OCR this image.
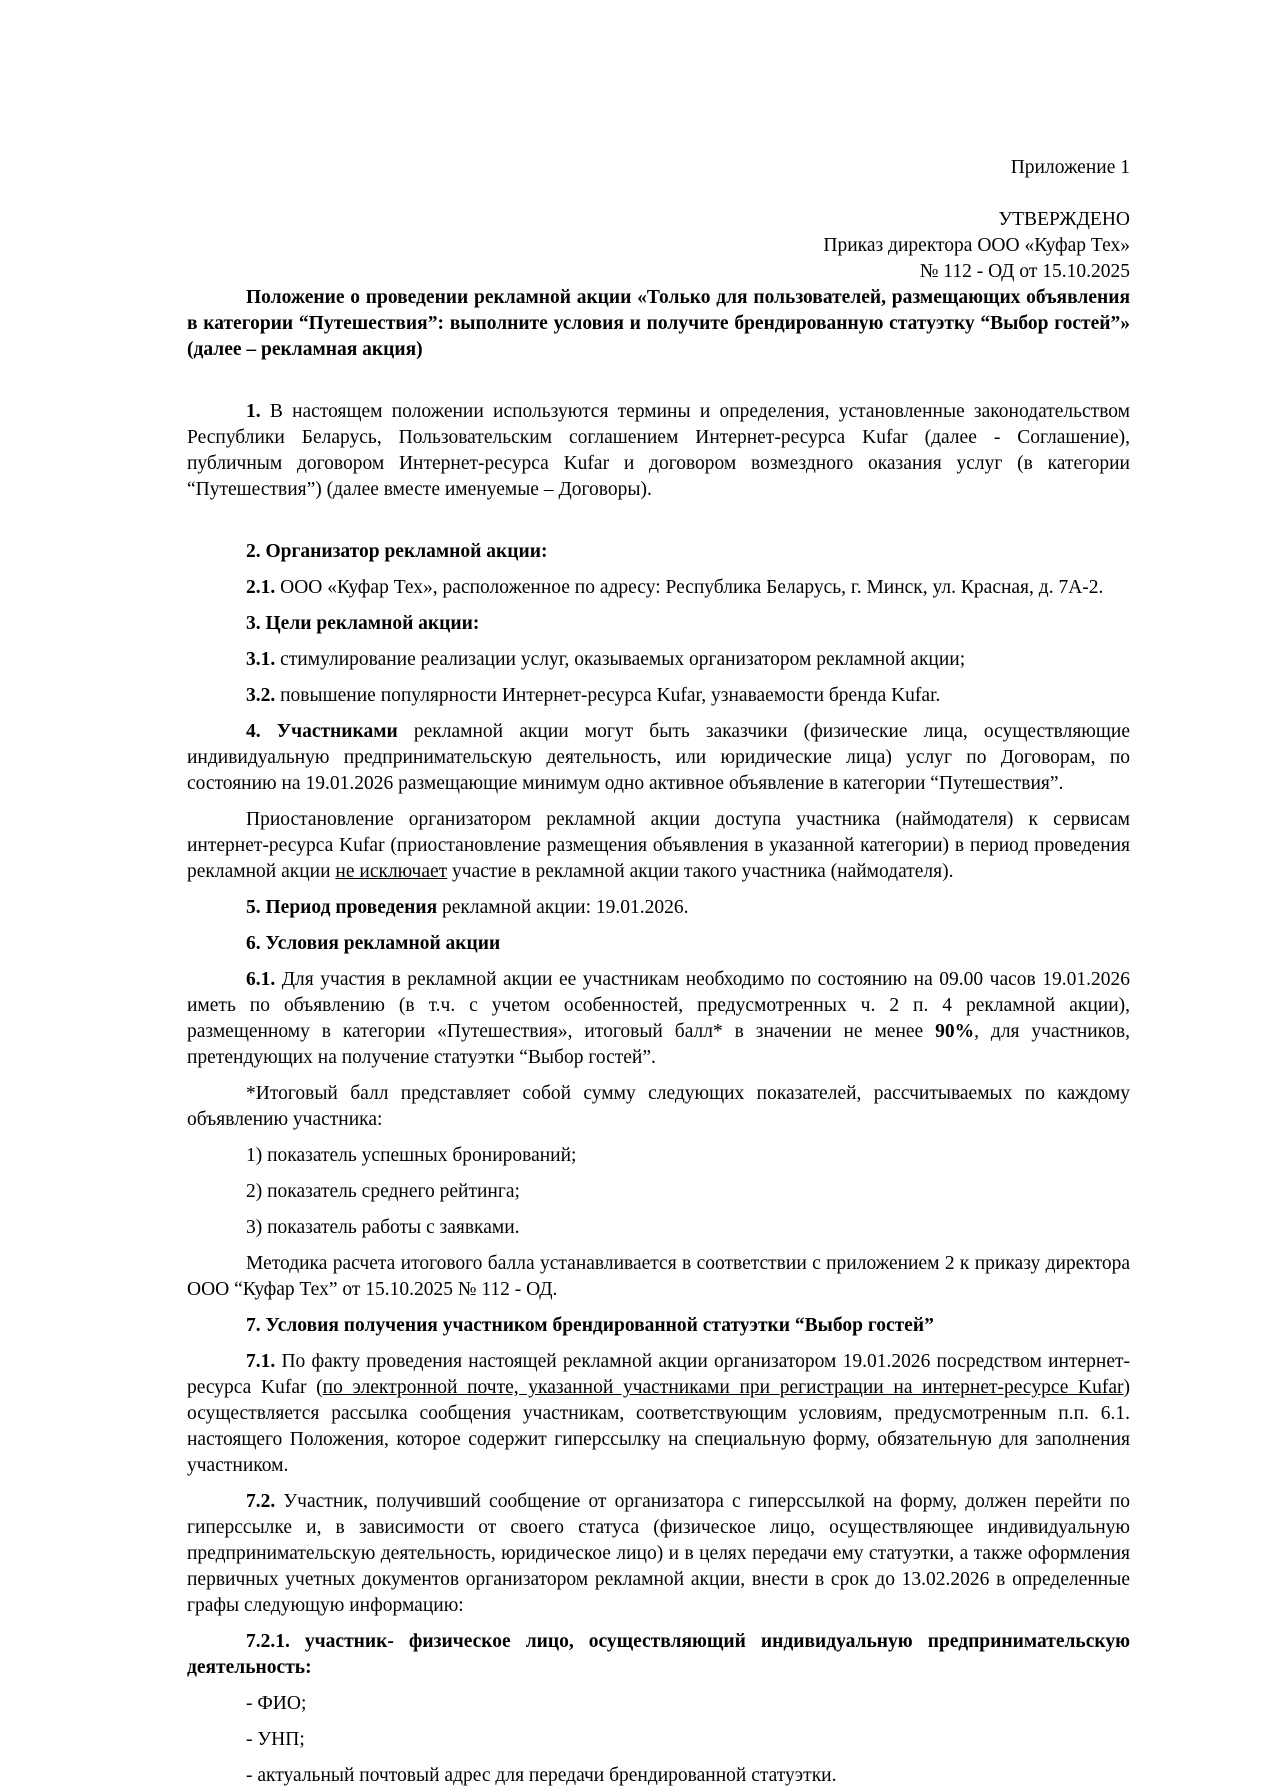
Приложение 1
УТВЕРЖДЕНО
Приказ директора ООО «Куфар Тех»
№ 112 - ОД от 15.10.2025

Положение о проведении рекламной акции «Только для пользователей, размещающих объявления в категории “Путешествия”: выполните условия и получите брендированную статуэтку “Выбор гостей”» (далее – рекламная акция)

1. В настоящем положении используются термины и определения, установленные законодательством Республики Беларусь, Пользовательским соглашением Интернет-ресурса Kufar (далее - Соглашение), публичным договором Интернет-ресурса Kufar и договором возмездного оказания услуг (в категории “Путешествия”) (далее вместе именуемые – Договоры).

2. Организатор рекламной акции:

2.1. ООО «Куфар Тех», расположенное по адресу: Республика Беларусь, г. Минск, ул. Красная, д. 7А-2.

3. Цели рекламной акции:

3.1. стимулирование реализации услуг, оказываемых организатором рекламной акции;

3.2. повышение популярности Интернет-ресурса Kufar, узнаваемости бренда Kufar.

4. Участниками рекламной акции могут быть заказчики (физические лица, осуществляющие индивидуальную предпринимательскую деятельность, или юридические лица) услуг по Договорам, по состоянию на 19.01.2026 размещающие минимум одно активное объявление в категории “Путешествия”.

Приостановление организатором рекламной акции доступа участника (наймодателя) к сервисам интернет-ресурса Kufar (приостановление размещения объявления в указанной категории) в период проведения рекламной акции не исключает участие в рекламной акции такого участника (наймодателя).

5. Период проведения рекламной акции: 19.01.2026.

6. Условия рекламной акции

6.1. Для участия в рекламной акции ее участникам необходимо по состоянию на 09.00 часов 19.01.2026 иметь по объявлению (в т.ч. с учетом особенностей, предусмотренных ч. 2 п. 4 рекламной акции), размещенному в категории «Путешествия», итоговый балл* в значении не менее 90%, для участников, претендующих на получение статуэтки “Выбор гостей”.

*Итоговый балл представляет собой сумму следующих показателей, рассчитываемых по каждому объявлению участника:

1) показатель успешных бронирований;

2) показатель среднего рейтинга;

3) показатель работы с заявками.

Методика расчета итогового балла устанавливается в соответствии с приложением 2 к приказу директора ООО “Куфар Тех” от 15.10.2025 № 112 - ОД.

7. Условия получения участником брендированной статуэтки “Выбор гостей”

7.1. По факту проведения настоящей рекламной акции организатором 19.01.2026 посредством интернет-ресурса Kufar (по электронной почте, указанной участниками при регистрации на интернет-ресурсе Kufar) осуществляется рассылка сообщения участникам, соответствующим условиям, предусмотренным п.п. 6.1. настоящего Положения, которое содержит гиперссылку на специальную форму, обязательную для заполнения участником.

7.2. Участник, получивший сообщение от организатора с гиперссылкой на форму, должен перейти по гиперссылке и, в зависимости от своего статуса (физическое лицо, осуществляющее индивидуальную предпринимательскую деятельность, юридическое лицо) и в целях передачи ему статуэтки, а также оформления первичных учетных документов организатором рекламной акции, внести в срок до 13.02.2026 в определенные графы следующую информацию:

7.2.1. участник- физическое лицо, осуществляющий индивидуальную предпринимательскую деятельность:

- ФИО;

- УНП;

- актуальный почтовый адрес для передачи брендированной статуэтки.
